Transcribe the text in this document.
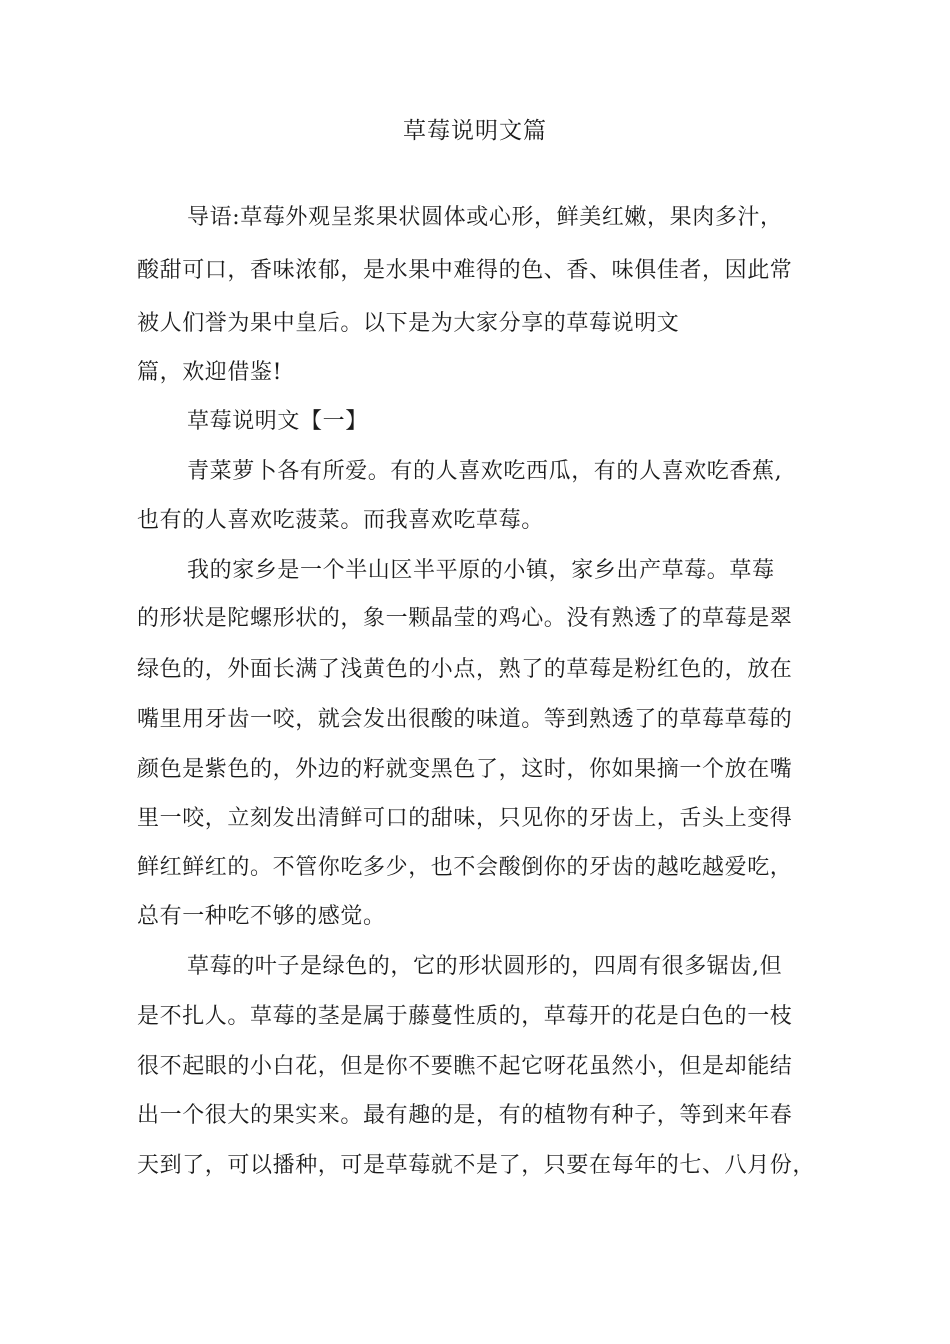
草莓说明文篇
导语:草莓外观呈浆果状圆体或心形，鲜美红嫩，果肉多汁，
酸甜可口，香味浓郁，是水果中难得的色、香、味俱佳者，因此常
被人们誉为果中皇后。以下是为大家分享的草莓说明文
篇，欢迎借鉴!
草莓说明文【一】
青菜萝卜各有所爱。有的人喜欢吃西瓜，有的人喜欢吃香蕉,
也有的人喜欢吃菠菜。而我喜欢吃草莓。
我的家乡是一个半山区半平原的小镇，家乡出产草莓。草莓
的形状是陀螺形状的，象一颗晶莹的鸡心。没有熟透了的草莓是翠
绿色的，外面长满了浅黄色的小点，熟了的草莓是粉红色的，放在
嘴里用牙齿一咬，就会发出很酸的味道。等到熟透了的草莓草莓的
颜色是紫色的，外边的籽就变黑色了，这时，你如果摘一个放在嘴
里一咬，立刻发出清鲜可口的甜味，只见你的牙齿上，舌头上变得
鲜红鲜红的。不管你吃多少，也不会酸倒你的牙齿的越吃越爱吃，
总有一种吃不够的感觉。
草莓的叶子是绿色的，它的形状圆形的，四周有很多锯齿,但
是不扎人。草莓的茎是属于藤蔓性质的，草莓开的花是白色的一枝
很不起眼的小白花，但是你不要瞧不起它呀花虽然小，但是却能结
出一个很大的果实来。最有趣的是，有的植物有种子，等到来年春
天到了，可以播种，可是草莓就不是了，只要在每年的七、八月份，
